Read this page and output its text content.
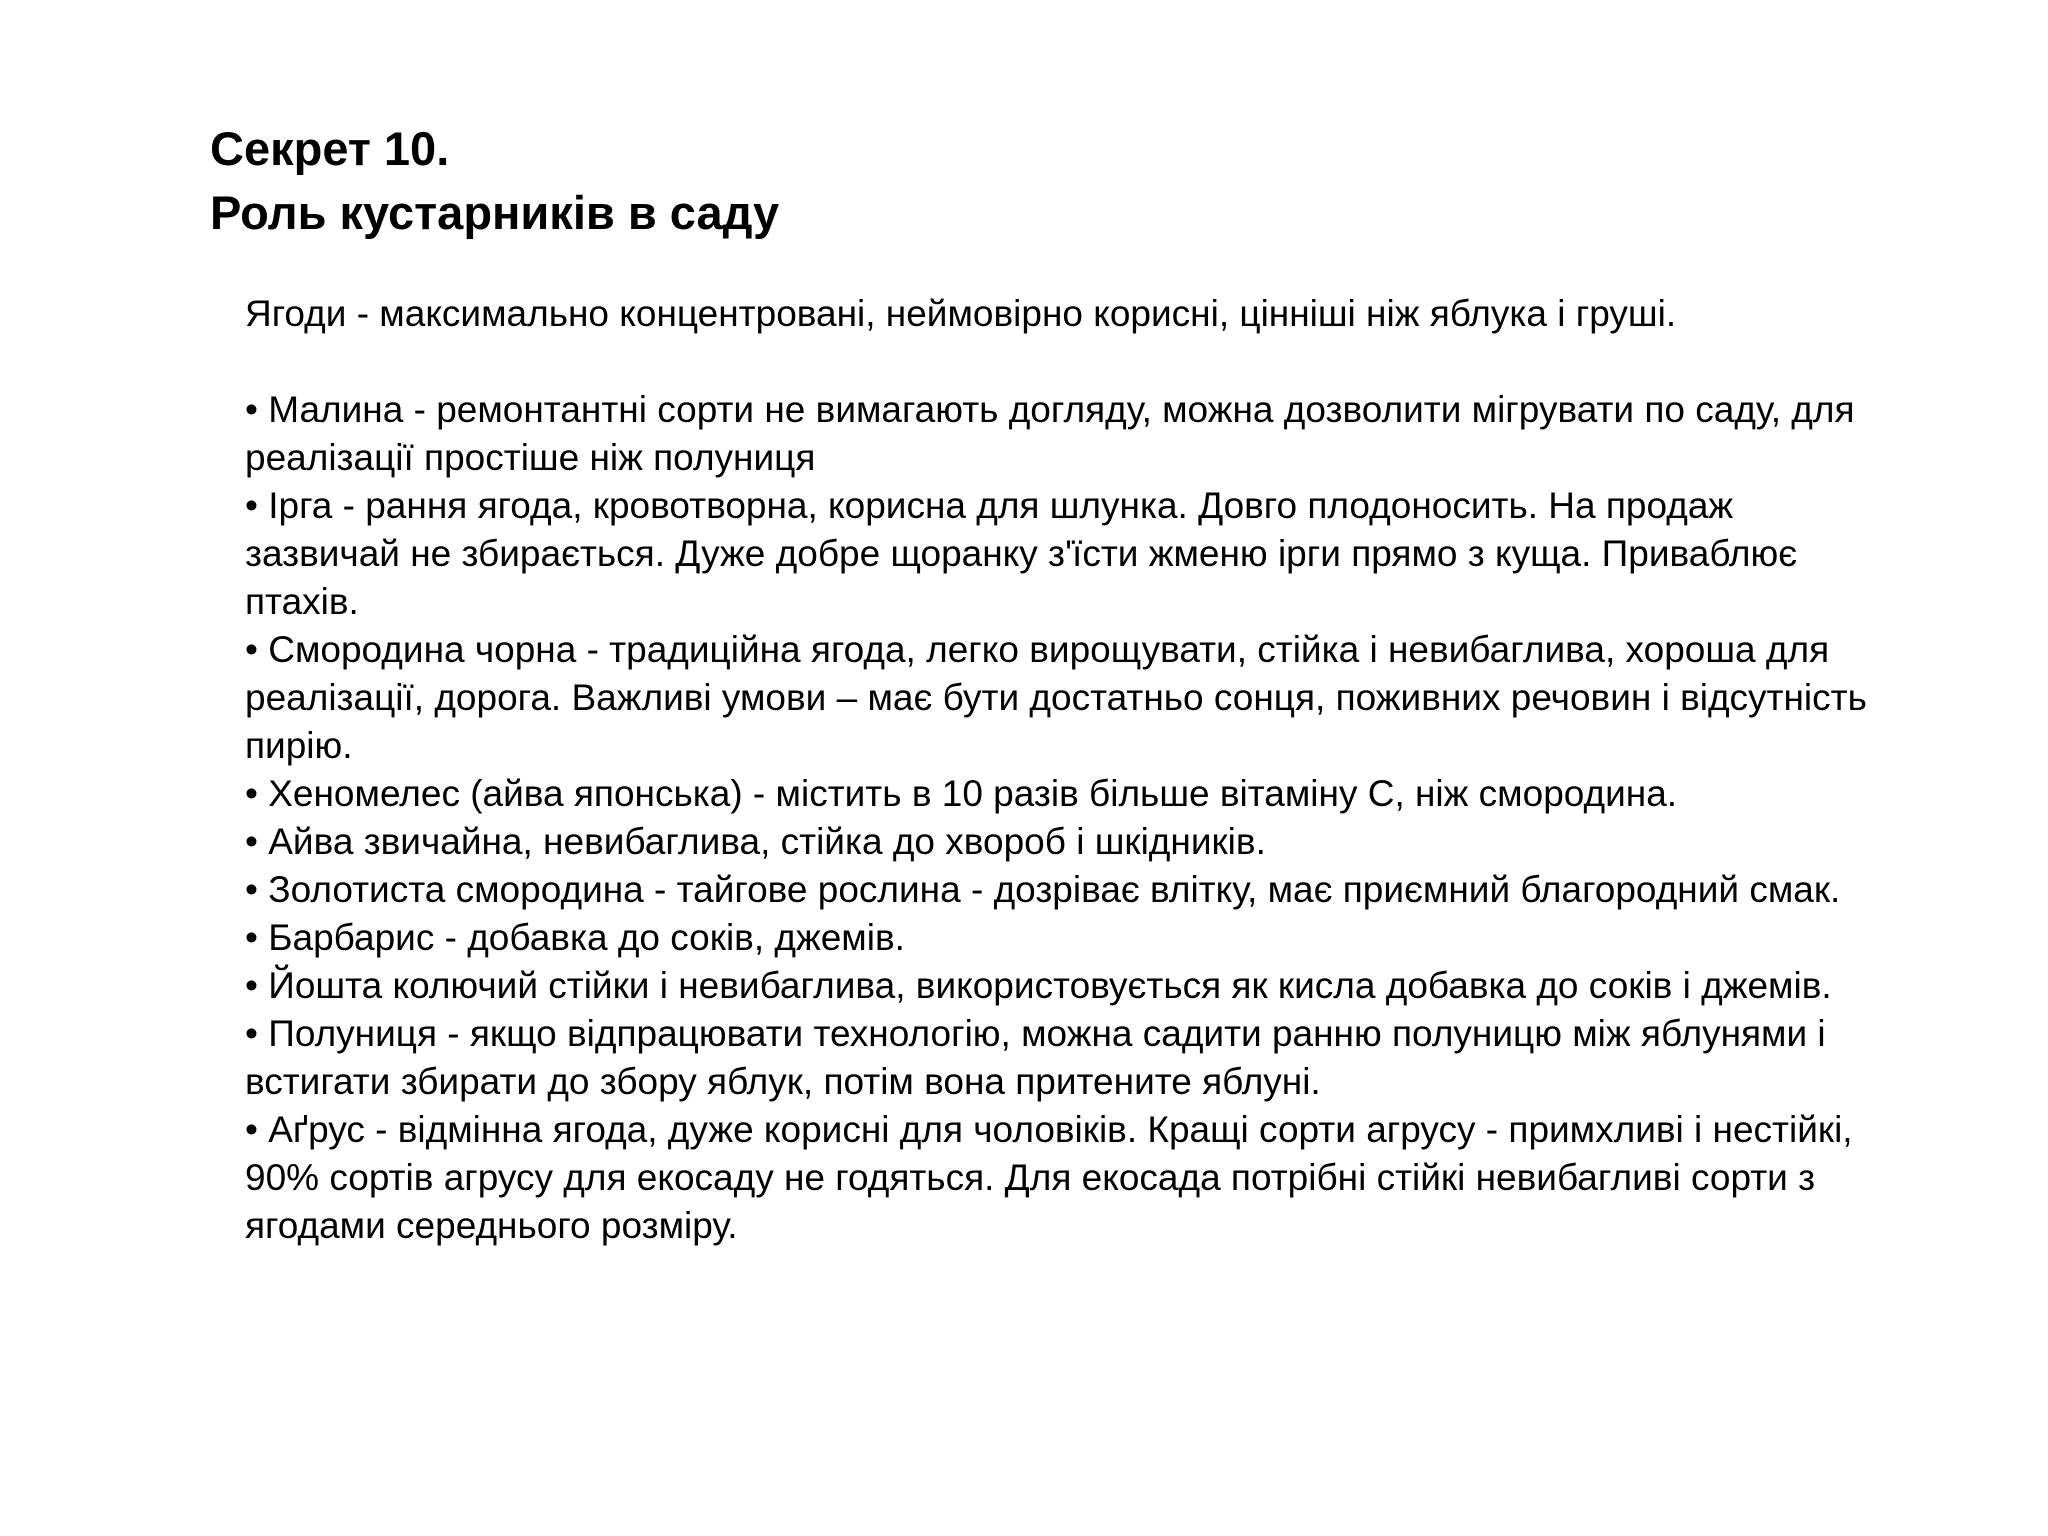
Секрет 10.
Роль кустарників в саду

Ягоди - максимально концентровані, неймовірно корисні, цінніші ніж яблука і груші.

• Малина - ремонтантні сорти не вимагають догляду, можна дозволити мігрувати по саду, для реалізації простіше ніж полуниця
• Ірга - рання ягода, кровотворна, корисна для шлунка. Довго плодоносить. На продаж зазвичай не збирається. Дуже добре щоранку з'їсти жменю ірги прямо з куща. Приваблює птахів.
• Смородина чорна - традиційна ягода, легко вирощувати, стійка і невибаглива, хороша для реалізації, дорога. Важливі умови – має бути достатньо сонця, поживних речовин і відсутність пирію.
• Хеномелес (айва японська) - містить в 10 разів більше вітаміну С, ніж смородина.
• Айва звичайна, невибаглива, стійка до хвороб і шкідників.
• Золотиста смородина - тайгове рослина - дозріває влітку, має приємний благородний смак.
• Барбарис - добавка до соків, джемів.
• Йошта колючий стійки і невибаглива, використовується як кисла добавка до соків і джемів.
• Полуниця - якщо відпрацювати технологію, можна садити ранню полуницю між яблунями і встигати збирати до збору яблук, потім вона притените яблуні.
• Аґрус - відмінна ягода, дуже корисні для чоловіків. Кращі сорти агрусу - примхливі і нестійкі, 90% сортів агрусу для екосаду не годяться. Для екосада потрібні стійкі невибагливі сорти з ягодами середнього розміру.
